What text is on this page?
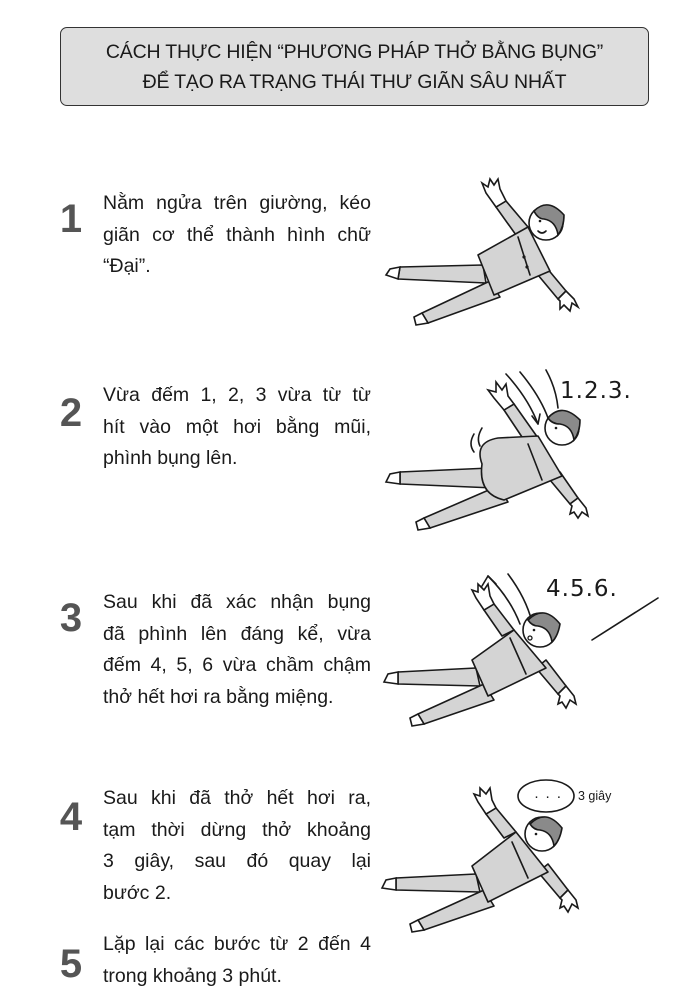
CÁCH THỰC HIỆN “PHƯƠNG PHÁP THỞ BẰNG BỤNG”
ĐỂ TẠO RA TRẠNG THÁI THƯ GIÃN SÂU NHẤT
1 Nằm ngửa trên giường, kéo
giãn cơ thể thành hình chữ
“Đại”.
2 Vừa đếm 1, 2, 3 vừa từ từ
hít vào một hơi bằng mũi,
phình bụng lên.
3 Sau khi đã xác nhận bụng
đã phình lên đáng kể, vừa
đếm 4, 5, 6 vừa chầm chậm
thở hết hơi ra bằng miệng.
4 Sau khi đã thở hết hơi ra,
tạm thời dừng thở khoảng
3 giây, sau đó quay lại
bước 2.
5 Lặp lại các bước từ 2 đến 4
trong khoảng 3 phút.
1.2.3.
4.5.6.
· · · 3 giây
